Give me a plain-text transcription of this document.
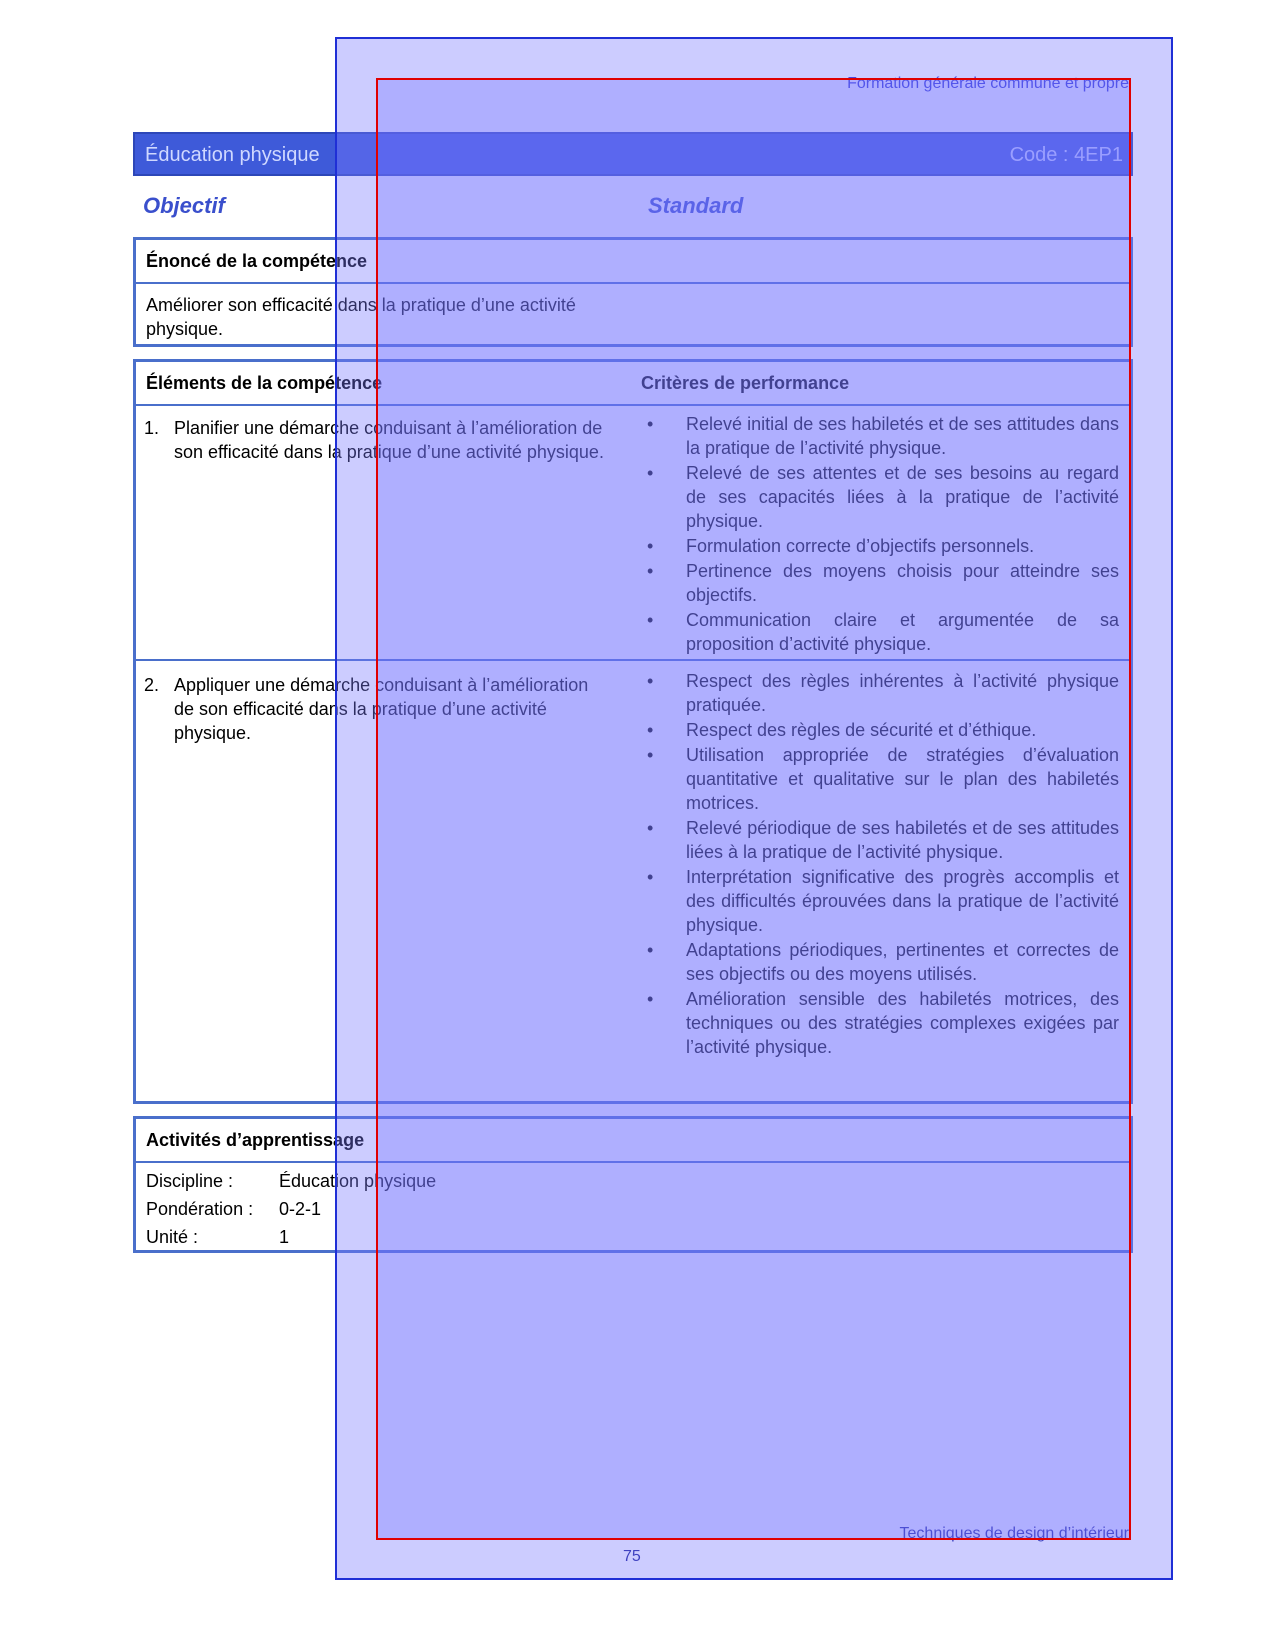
Formation générale commune et propre
Éducation physique	Code : 4EP1
Objectif	Standard
Énoncé de la compétence
Améliorer son efficacité dans la pratique d’une activité physique.
Éléments de la compétence	Critères de performance
1. Planifier une démarche conduisant à l’amélioration de son efficacité dans la pratique d’une activité physique.
• Relevé initial de ses habiletés et de ses attitudes dans la pratique de l’activité physique.
• Relevé de ses attentes et de ses besoins au regard de ses capacités liées à la pratique de l’activité physique.
• Formulation correcte d’objectifs personnels.
• Pertinence des moyens choisis pour atteindre ses objectifs.
• Communication claire et argumentée de sa proposition d’activité physique.
2. Appliquer une démarche conduisant à l’amélioration de son efficacité dans la pratique d’une activité physique.
• Respect des règles inhérentes à l’activité physique pratiquée.
• Respect des règles de sécurité et d’éthique.
• Utilisation appropriée de stratégies d’évaluation quantitative et qualitative sur le plan des habiletés motrices.
• Relevé périodique de ses habiletés et de ses attitudes liées à la pratique de l’activité physique.
• Interprétation significative des progrès accomplis et des difficultés éprouvées dans la pratique de l’activité physique.
• Adaptations périodiques, pertinentes et correctes de ses objectifs ou des moyens utilisés.
• Amélioration sensible des habiletés motrices, des techniques ou des stratégies complexes exigées par l’activité physique.
Activités d’apprentissage
Discipline :	Éducation physique
Pondération : 0-2-1
Unité :	1
Techniques de design d’intérieur
75
